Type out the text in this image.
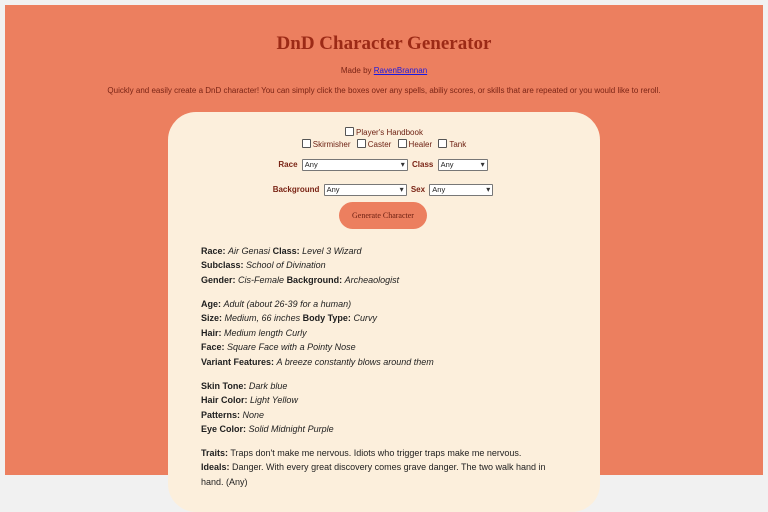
DnD Character Generator
Made by RavenBrannan
Quickly and easily create a DnD character! You can simply click the boxes over any spells, abiliy scores, or skills that are repeated or you would like to reroll.
Player's Handbook
Skirmisher Caster Healer Tank
Race Any ▾	Class Any ▾
Background Any ▾	Sex Any ▾
Generate Character

Race: Air Genasi Class: Level 3 Wizard

Subclass: School of Divination

Gender: Cis-Female Background: Archeaologist

Age: Adult (about 26-39 for a human)

Size: Medium, 66 inches Body Type: Curvy

Hair: Medium length Curly

Face: Square Face with a Pointy Nose

Variant Features: A breeze constantly blows around them

Skin Tone: Dark blue

Hair Color: Light Yellow

Patterns: None

Eye Color: Solid Midnight Purple

Traits: Traps don't make me nervous. Idiots who trigger traps make me nervous.

Ideals: Danger. With every great discovery comes grave danger. The two walk hand in

hand. (Any)
